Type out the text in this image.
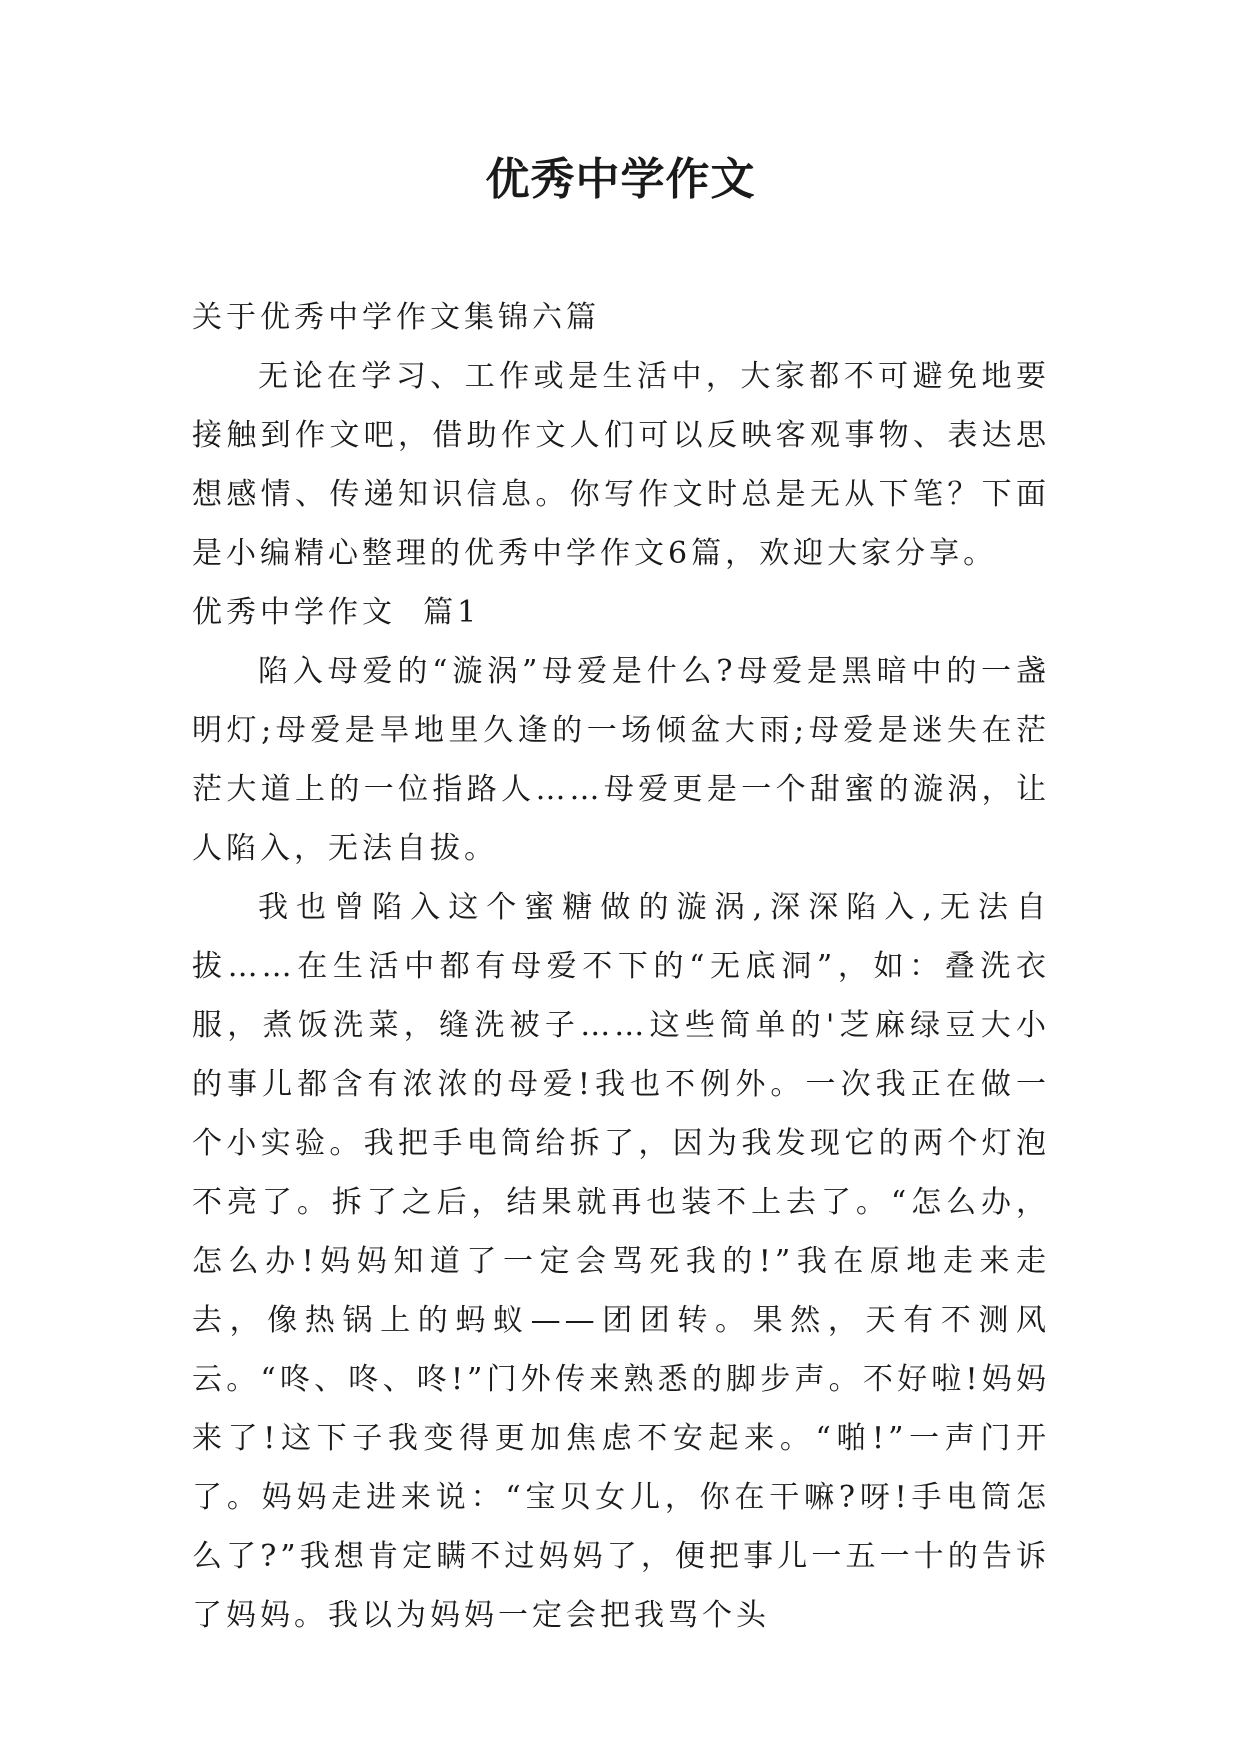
优秀中学作文

关于优秀中学作文集锦六篇

无论在学习、工作或是生活中，大家都不可避免地要接触到作文吧，借助作文人们可以反映客观事物、表达思想感情、传递知识信息。你写作文时总是无从下笔？下面是小编精心整理的优秀中学作文6篇，欢迎大家分享。

优秀中学作文  篇1

陷入母爱的“漩涡”母爱是什么?母爱是黑暗中的一盏明灯;母爱是旱地里久逢的一场倾盆大雨;母爱是迷失在茫茫大道上的一位指路人……母爱更是一个甜蜜的漩涡，让人陷入，无法自拔。

我也曾陷入这个蜜糖做的漩涡,深深陷入,无法自拔……在生活中都有母爱不下的“无底洞”，如：叠洗衣服，煮饭洗菜，缝洗被子……这些简单的'芝麻绿豆大小的事儿都含有浓浓的母爱!我也不例外。一次我正在做一个小实验。我把手电筒给拆了，因为我发现它的两个灯泡不亮了。拆了之后，结果就再也装不上去了。“怎么办，怎么办!妈妈知道了一定会骂死我的!”我在原地走来走去，像热锅上的蚂蚁——团团转。果然，天有不测风云。“咚、咚、咚!”门外传来熟悉的脚步声。不好啦!妈妈来了!这下子我变得更加焦虑不安起来。“啪!”一声门开了。妈妈走进来说：“宝贝女儿，你在干嘛?呀!手电筒怎么了?”我想肯定瞒不过妈妈了，便把事儿一五一十的告诉了妈妈。我以为妈妈一定会把我骂个头
